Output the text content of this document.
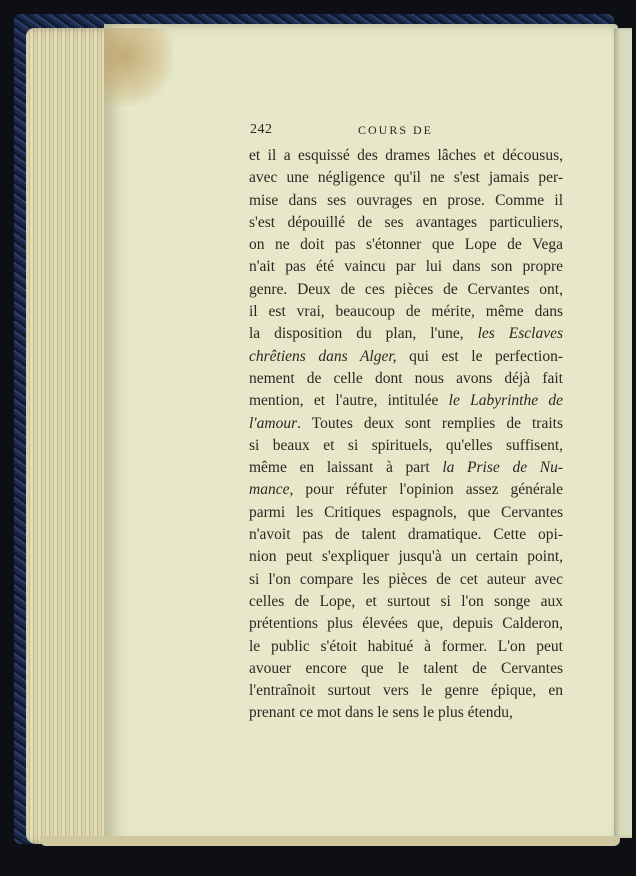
242	COURS DE
et il a esquissé des drames lâches et décousus,
avec une négligence qu'il ne s'est jamais per-
mise dans ses ouvrages en prose. Comme il
s'est dépouillé de ses avantages particuliers,
on ne doit pas s'étonner que Lope de Vega
n'ait pas été vaincu par lui dans son propre
genre. Deux de ces pièces de Cervantes ont,
il est vrai, beaucoup de mérite, même dans
la disposition du plan, l'une, les Esclaves
chrêtiens dans Alger, qui est le perfection-
nement de celle dont nous avons déjà fait
mention, et l'autre, intitulée le Labyrinthe de
l'amour. Toutes deux sont remplies de traits
si beaux et si spirituels, qu'elles suffisent,
même en laissant à part la Prise de Nu-
mance, pour réfuter l'opinion assez générale
parmi les Critiques espagnols, que Cervantes
n'avoit pas de talent dramatique. Cette opi-
nion peut s'expliquer jusqu'à un certain point,
si l'on compare les pièces de cet auteur avec
celles de Lope, et surtout si l'on songe aux
prétentions plus élevées que, depuis Calderon,
le public s'étoit habitué à former. L'on peut
avouer encore que le talent de Cervantes
l'entraînoit surtout vers le genre épique, en
prenant ce mot dans le sens le plus étendu,
